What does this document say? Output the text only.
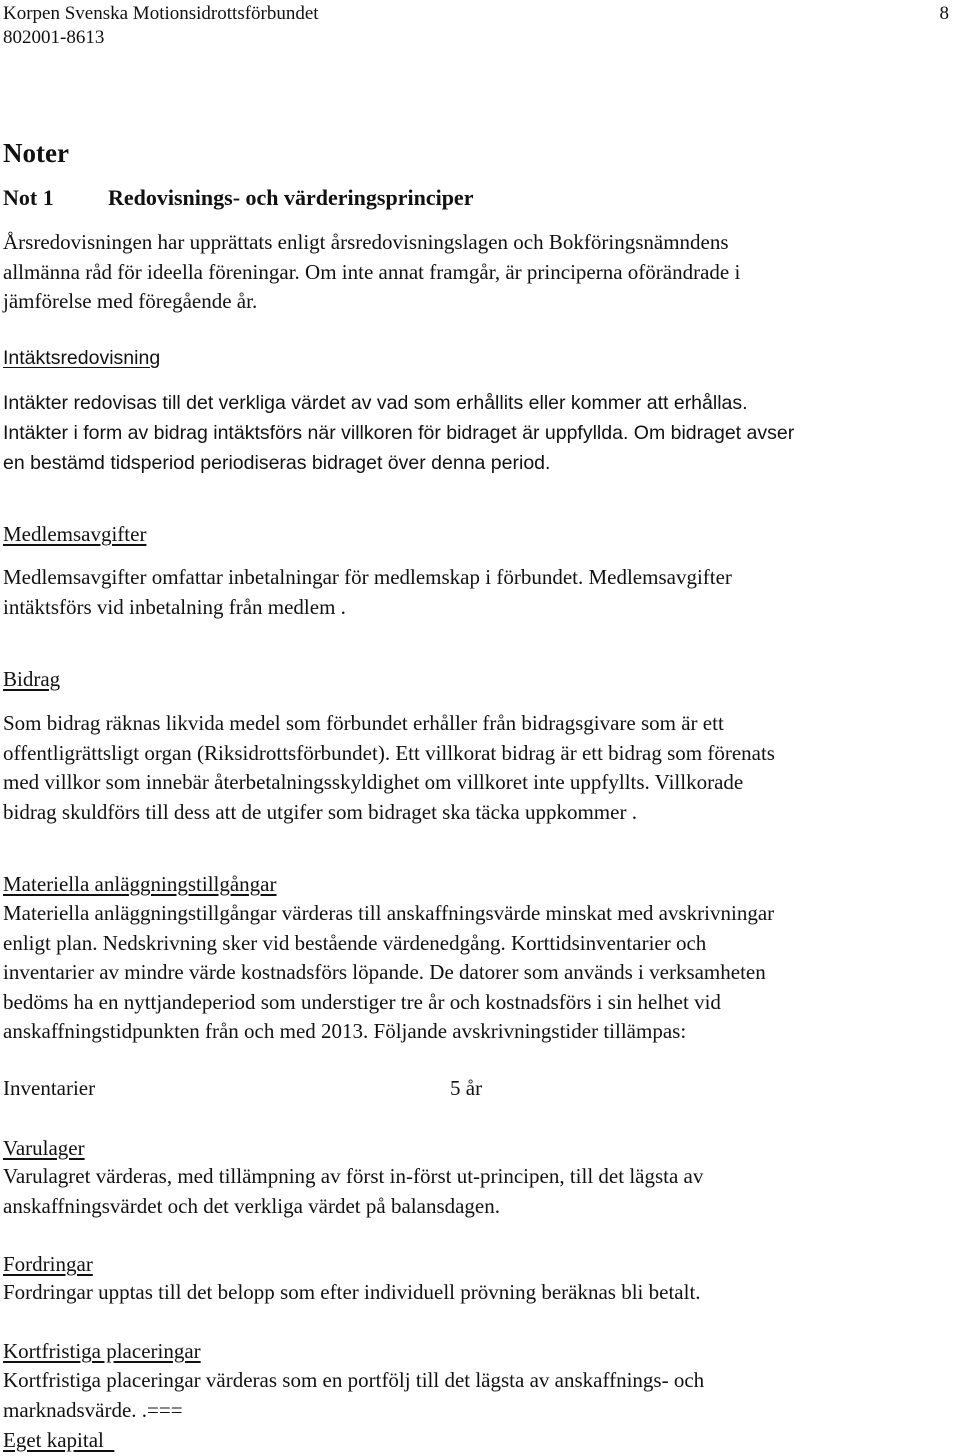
Korpen Svenska Motionsidrottsförbundet
802001-8613
8
Noter
Not 1 Redovisnings- och värderingsprinciper
Årsredovisningen har upprättats enligt årsredovisningslagen och Bokföringsnämndens
allmänna råd för ideella föreningar. Om inte annat framgår, är principerna oförändrade i
jämförelse med föregående år.
Intäktsredovisning
Intäkter redovisas till det verkliga värdet av vad som erhållits eller kommer att erhållas.
Intäkter i form av bidrag intäktsförs när villkoren för bidraget är uppfyllda. Om bidraget avser
en bestämd tidsperiod periodiseras bidraget över denna period.
Medlemsavgifter
Medlemsavgifter omfattar inbetalningar för medlemskap i förbundet. Medlemsavgifter
intäktsförs vid inbetalning från medlem .
Bidrag
Som bidrag räknas likvida medel som förbundet erhåller från bidragsgivare som är ett
offentligrättsligt organ (Riksidrottsförbundet). Ett villkorat bidrag är ett bidrag som förenats
med villkor som innebär återbetalningsskyldighet om villkoret inte uppfyllts. Villkorade
bidrag skuldförs till dess att de utgifer som bidraget ska täcka uppkommer .
Materiella anläggningstillgångar
Materiella anläggningstillgångar värderas till anskaffningsvärde minskat med avskrivningar
enligt plan. Nedskrivning sker vid bestående värdenedgång. Korttidsinventarier och
inventarier av mindre värde kostnadsförs löpande. De datorer som används i verksamheten
bedöms ha en nyttjandeperiod som understiger tre år och kostnadsförs i sin helhet vid
anskaffningstidpunkten från och med 2013. Följande avskrivningstider tillämpas:
Inventarier	5 år
Varulager
Varulagret värderas, med tillämpning av först in-först ut-principen, till det lägsta av
anskaffningsvärdet och det verkliga värdet på balansdagen.
Fordringar
Fordringar upptas till det belopp som efter individuell prövning beräknas bli betalt.
Kortfristiga placeringar
Kortfristiga placeringar värderas som en portfölj till det lägsta av anskaffnings- och
marknadsvärde. .===
Eget kapital
